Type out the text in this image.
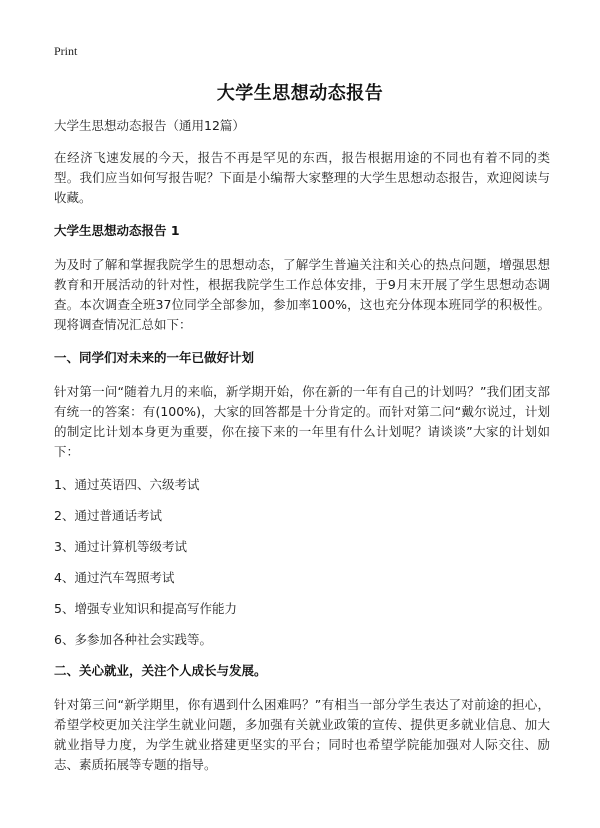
Print
大学生思想动态报告

大学生思想动态报告（通用12篇）

在经济飞速发展的今天，报告不再是罕见的东西，报告根据用途的不同也有着不同的类型。我们应当如何写报告呢？下面是小编帮大家整理的大学生思想动态报告，欢迎阅读与收藏。

大学生思想动态报告 1

为及时了解和掌握我院学生的思想动态，了解学生普遍关注和关心的热点问题，增强思想教育和开展活动的针对性，根据我院学生工作总体安排，于9月末开展了学生思想动态调查。本次调查全班37位同学全部参加，参加率100%，这也充分体现本班同学的积极性。现将调查情况汇总如下：

一、同学们对未来的一年已做好计划

针对第一问“随着九月的来临，新学期开始，你在新的一年有自己的计划吗？”我们团支部有统一的答案：有(100%)，大家的回答都是十分肯定的。而针对第二问“戴尔说过，计划的制定比计划本身更为重要，你在接下来的一年里有什么计划呢？请谈谈”大家的计划如下：

1、通过英语四、六级考试

2、通过普通话考试

3、通过计算机等级考试

4、通过汽车驾照考试

5、增强专业知识和提高写作能力

6、多参加各种社会实践等。

二、关心就业，关注个人成长与发展。

针对第三问“新学期里，你有遇到什么困难吗？”有相当一部分学生表达了对前途的担心，希望学校更加关注学生就业问题，多加强有关就业政策的宣传、提供更多就业信息、加大就业指导力度，为学生就业搭建更坚实的平台；同时也希望学院能加强对人际交往、励志、素质拓展等专题的指导。
